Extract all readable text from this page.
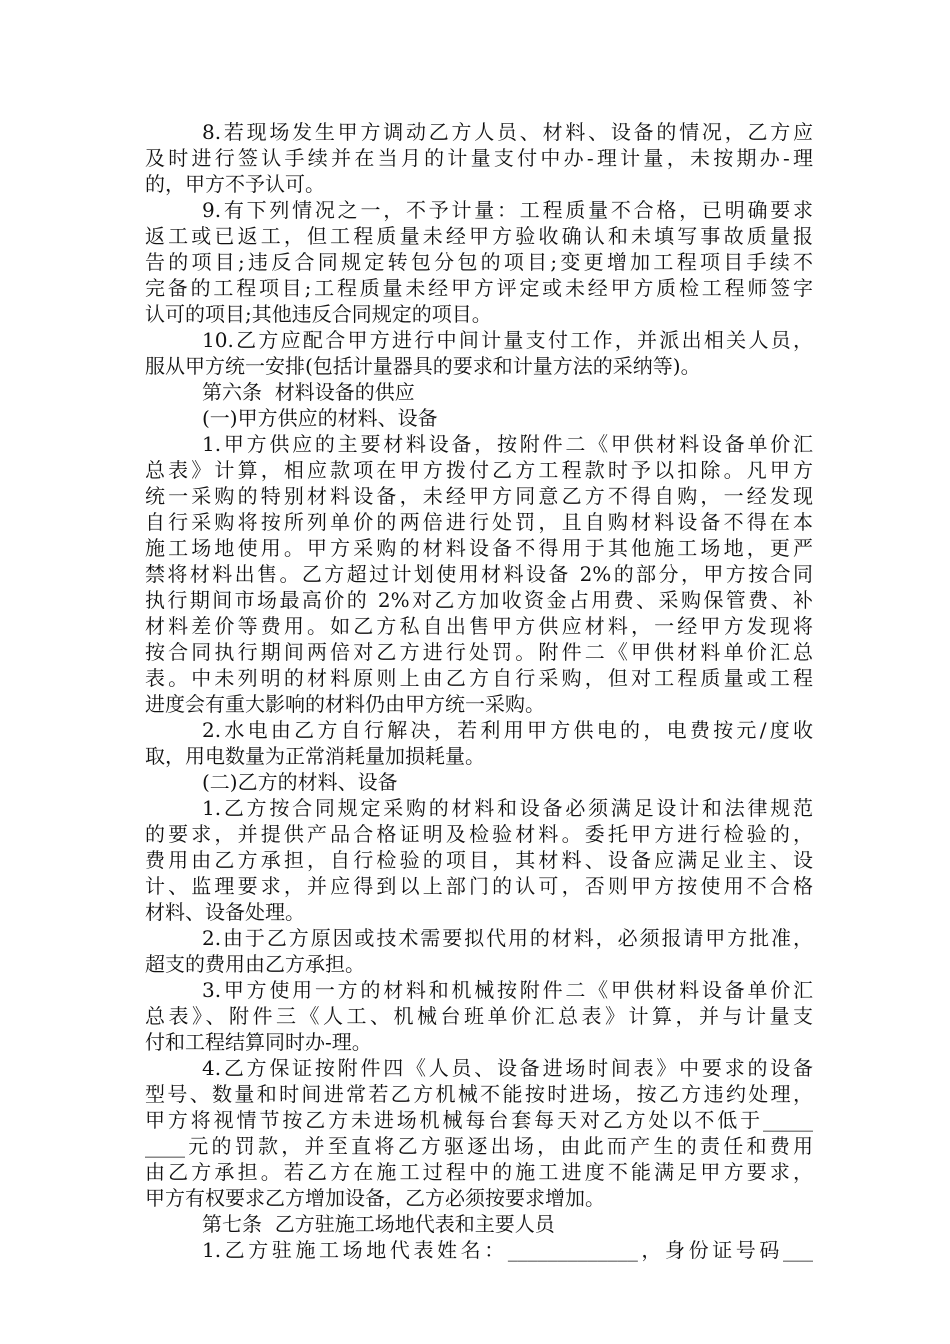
8.若现场发生甲方调动乙方人员、材料、设备的情况，乙方应
及时进行签认手续并在当月的计量支付中办-理计量，未按期办-理
的，甲方不予认可。
9.有下列情况之一，不予计量：工程质量不合格，已明确要求
返工或已返工，但工程质量未经甲方验收确认和未填写事故质量报
告的项目;违反合同规定转包分包的项目;变更增加工程项目手续不
完备的工程项目;工程质量未经甲方评定或未经甲方质检工程师签字
认可的项目;其他违反合同规定的项目。
10.乙方应配合甲方进行中间计量支付工作，并派出相关人员，
服从甲方统一安排(包括计量器具的要求和计量方法的采纳等)。
第六条  材料设备的供应
(一)甲方供应的材料、设备
1.甲方供应的主要材料设备，按附件二《甲供材料设备单价汇
总表》计算，相应款项在甲方拨付乙方工程款时予以扣除。凡甲方
统一采购的特别材料设备，未经甲方同意乙方不得自购，一经发现
自行采购将按所列单价的两倍进行处罚，且自购材料设备不得在本
施工场地使用。甲方采购的材料设备不得用于其他施工场地，更严
禁将材料出售。乙方超过计划使用材料设备 2%的部分，甲方按合同
执行期间市场最高价的 2%对乙方加收资金占用费、采购保管费、补
材料差价等费用。如乙方私自出售甲方供应材料，一经甲方发现将
按合同执行期间两倍对乙方进行处罚。附件二《甲供材料单价汇总
表。中未列明的材料原则上由乙方自行采购，但对工程质量或工程
进度会有重大影响的材料仍由甲方统一采购。
2.水电由乙方自行解决，若利用甲方供电的，电费按元/度收
取，用电数量为正常消耗量加损耗量。
(二)乙方的材料、设备
1.乙方按合同规定采购的材料和设备必须满足设计和法律规范
的要求，并提供产品合格证明及检验材料。委托甲方进行检验的，
费用由乙方承担，自行检验的项目，其材料、设备应满足业主、设
计、监理要求，并应得到以上部门的认可，否则甲方按使用不合格
材料、设备处理。
2.由于乙方原因或技术需要拟代用的材料，必须报请甲方批准，
超支的费用由乙方承担。
3.甲方使用一方的材料和机械按附件二《甲供材料设备单价汇
总表》、附件三《人工、机械台班单价汇总表》计算，并与计量支
付和工程结算同时办-理。
4.乙方保证按附件四《人员、设备进场时间表》中要求的设备
型号、数量和时间进常若乙方机械不能按时进场，按乙方违约处理，
甲方将视情节按乙方未进场机械每台套每天对乙方处以不低于_____
____元的罚款，并至直将乙方驱逐出场，由此而产生的责任和费用
由乙方承担。若乙方在施工过程中的施工进度不能满足甲方要求，
甲方有权要求乙方增加设备，乙方必须按要求增加。
第七条  乙方驻施工场地代表和主要人员
1.乙方驻施工场地代表姓名：_____________，身份证号码___
